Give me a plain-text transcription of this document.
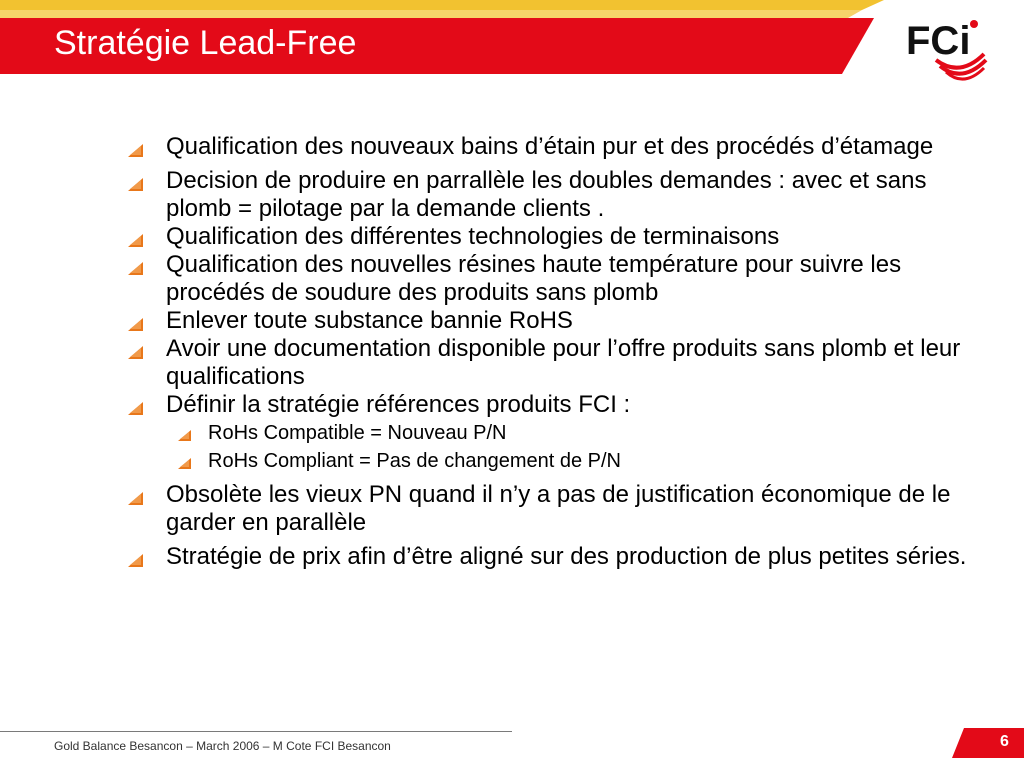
Stratégie Lead-Free	FCi
Qualification des nouveaux bains d’étain pur et des procédés d’étamage
Decision de produire en parrallèle les doubles demandes : avec et sans plomb = pilotage par la demande clients .
Qualification des différentes technologies de terminaisons
Qualification des nouvelles résines haute température pour suivre les procédés de soudure des produits sans plomb
Enlever toute substance bannie RoHS
Avoir une documentation disponible pour l’offre produits sans plomb et leur qualifications
Définir la stratégie références produits FCI :
RoHs Compatible = Nouveau P/N
RoHs Compliant = Pas de changement de P/N
Obsolète les vieux PN quand il n’y a pas de justification économique de le garder en parallèle
Stratégie de prix afin d’être aligné sur des production de plus petites séries.
Gold Balance Besancon – March 2006 – M Cote FCI Besancon	6
